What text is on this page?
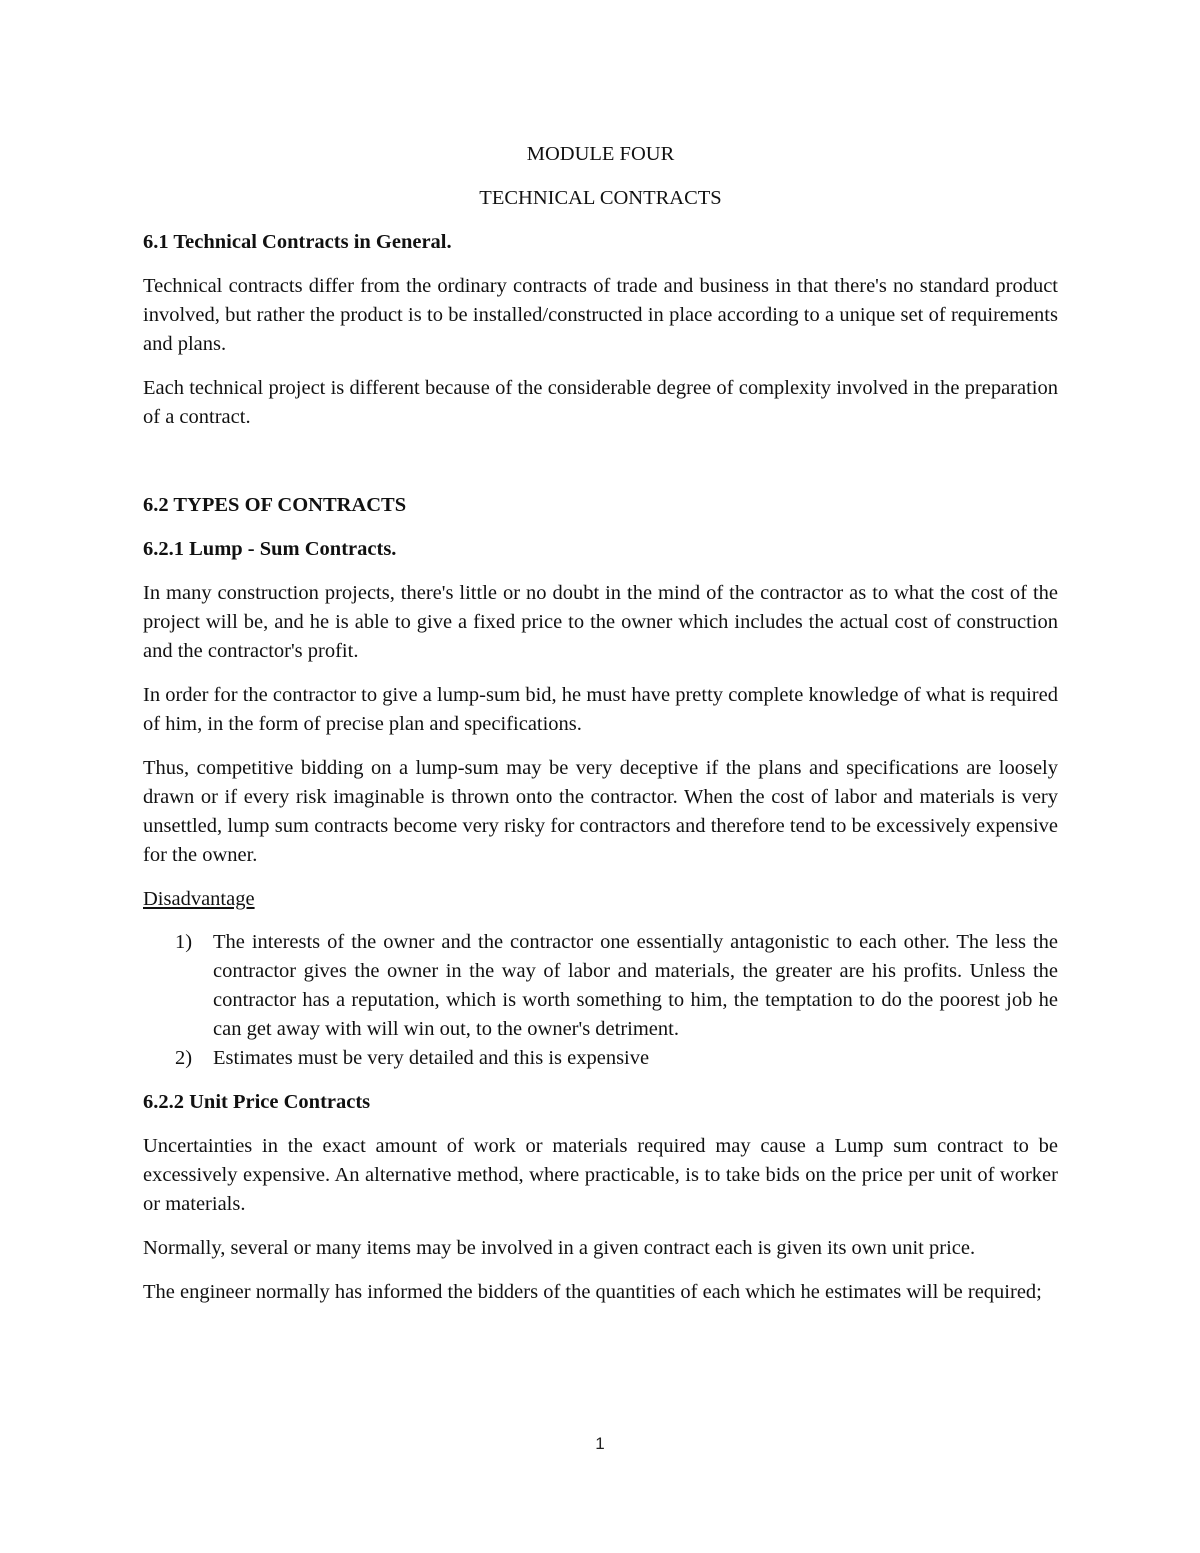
MODULE FOUR

TECHNICAL CONTRACTS

6.1 Technical Contracts in General.

Technical contracts differ from the ordinary contracts of trade and business in that there's no standard product involved, but rather the product is to be installed/constructed in place according to a unique set of requirements and plans.

Each technical project is different because of the considerable degree of complexity involved in the preparation of a contract.

6.2 TYPES OF CONTRACTS
6.2.1 Lump - Sum Contracts.

In many construction projects, there's little or no doubt in the mind of the contractor as to what the cost of the project will be, and he is able to give a fixed price to the owner which includes the actual cost of construction and the contractor's profit.

In order for the contractor to give a lump-sum bid, he must have pretty complete knowledge of what is required of him, in the form of precise plan and specifications.

Thus, competitive bidding on a lump-sum may be very deceptive if the plans and specifications are loosely drawn or if every risk imaginable is thrown onto the contractor. When the cost of labor and materials is very unsettled, lump sum contracts become very risky for contractors and therefore tend to be excessively expensive for the owner.

Disadvantage

1) The interests of the owner and the contractor one essentially antagonistic to each other. The less the contractor gives the owner in the way of labor and materials, the greater are his profits. Unless the contractor has a reputation, which is worth something to him, the temptation to do the poorest job he can get away with will win out, to the owner's detriment.
2) Estimates must be very detailed and this is expensive
6.2.2 Unit Price Contracts

Uncertainties in the exact amount of work or materials required may cause a Lump sum contract to be excessively expensive. An alternative method, where practicable, is to take bids on the price per unit of worker or materials.

Normally, several or many items may be involved in a given contract each is given its own unit price.

The engineer normally has informed the bidders of the quantities of each which he estimates will be required;

1
